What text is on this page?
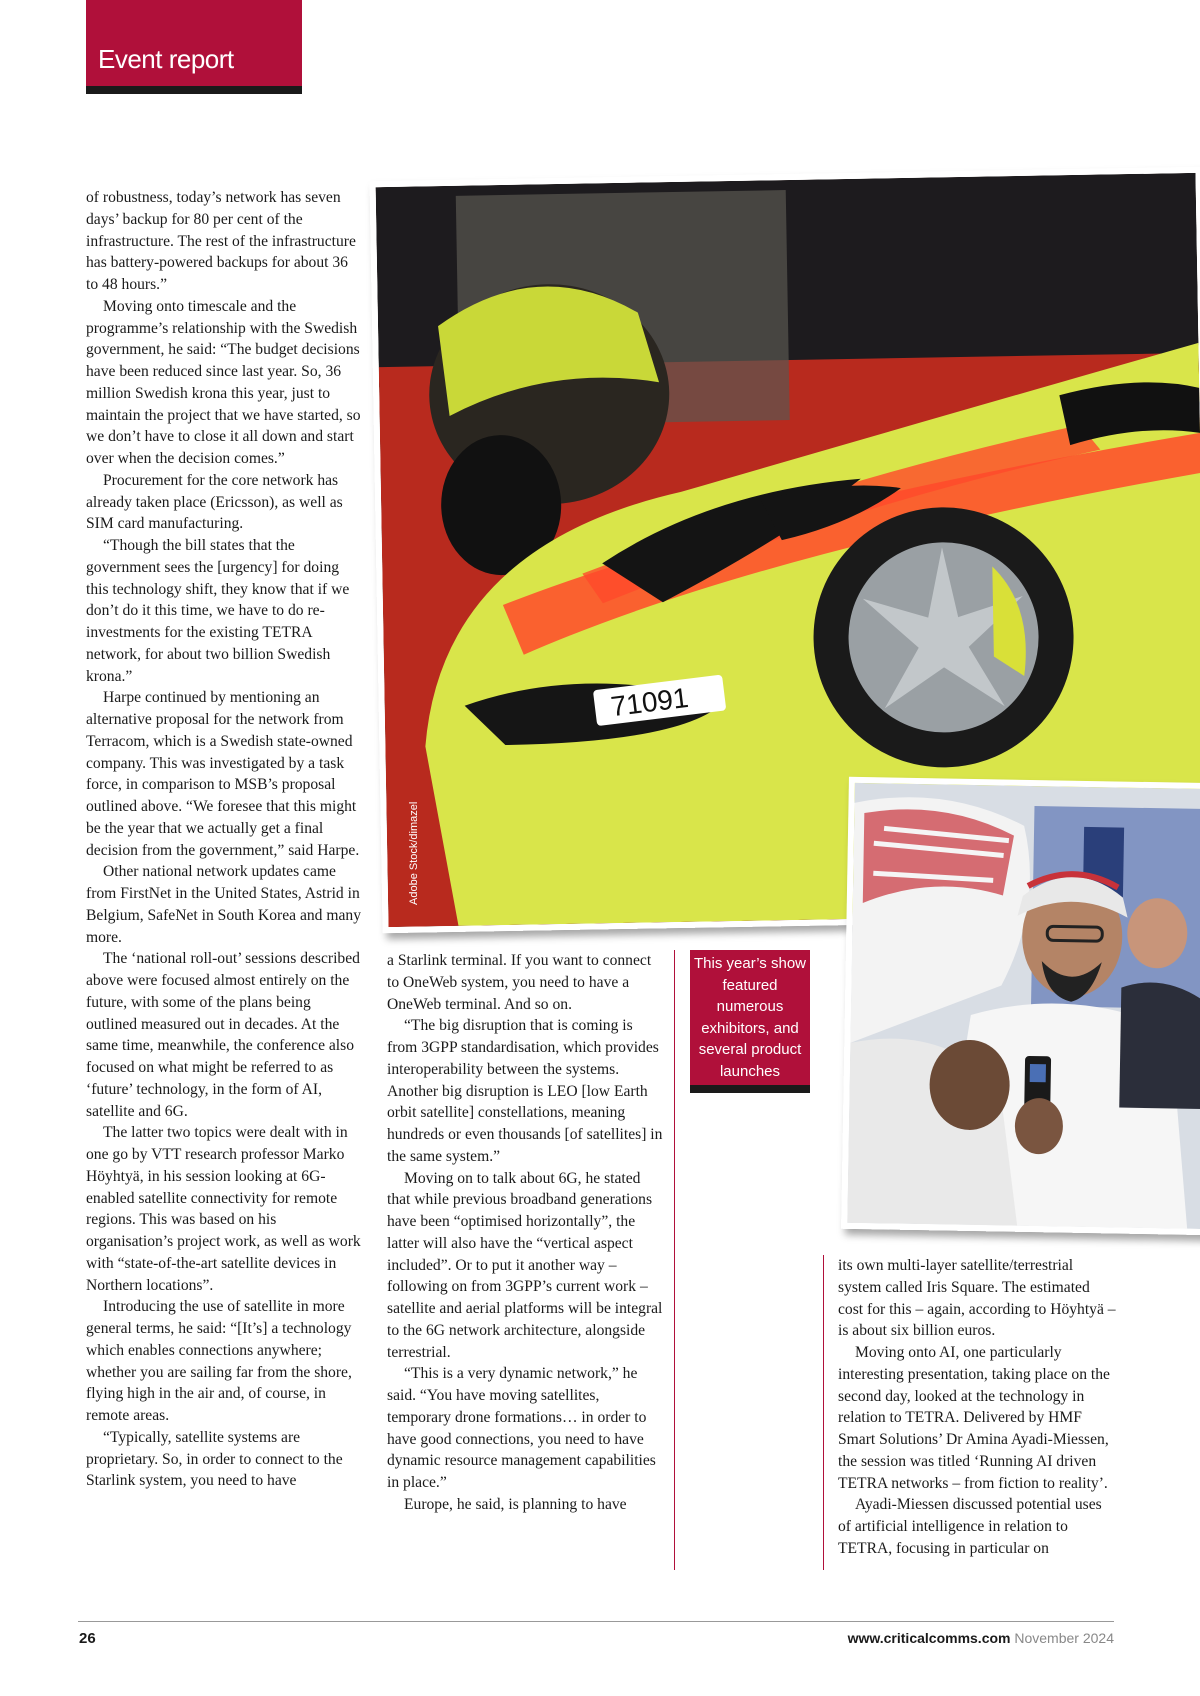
Event report
71091
Adobe Stock/dimazel

of robustness, today’s network has seven days’ backup for 80 per cent of the infrastructure. The rest of the infrastructure has battery-powered backups for about 36 to 48 hours.”

Moving onto timescale and the programme’s relationship with the Swedish government, he said: “The budget decisions have been reduced since last year. So, 36 million Swedish krona this year, just to maintain the project that we have started, so we don’t have to close it all down and start over when the decision comes.”

Procurement for the core network has already taken place (Ericsson), as well as SIM card manufacturing.

“Though the bill states that the government sees the [urgency] for doing this technology shift, they know that if we don’t do it this time, we have to do re-investments for the existing TETRA network, for about two billion Swedish krona.”

Harpe continued by mentioning an alternative proposal for the network from Terracom, which is a Swedish state-owned company. This was investigated by a task force, in comparison to MSB’s proposal outlined above. “We foresee that this might be the year that we actually get a final decision from the government,” said Harpe.

Other national network updates came from FirstNet in the United States, Astrid in Belgium, SafeNet in South Korea and many more.

The ‘national roll-out’ sessions described above were focused almost entirely on the future, with some of the plans being outlined measured out in decades. At the same time, meanwhile, the conference also focused on what might be referred to as ‘future’ technology, in the form of AI, satellite and 6G.

The latter two topics were dealt with in one go by VTT research professor Marko Höyhtyä, in his session looking at 6G-enabled satellite connectivity for remote regions. This was based on his organisation’s project work, as well as work with “state-of-the-art satellite devices in Northern locations”.

Introducing the use of satellite in more general terms, he said: “[It’s] a technology which enables connections anywhere; whether you are sailing far from the shore, flying high in the air and, of course, in remote areas.

“Typically, satellite systems are proprietary. So, in order to connect to the Starlink system, you need to have

a Starlink terminal. If you want to connect to OneWeb system, you need to have a OneWeb terminal. And so on.

“The big disruption that is coming is from 3GPP standardisation, which provides interoperability between the systems. Another big disruption is LEO [low Earth orbit satellite] constellations, meaning hundreds or even thousands [of satellites] in the same system.”

Moving on to talk about 6G, he stated that while previous broadband generations have been “optimised horizontally”, the latter will also have the “vertical aspect included”. Or to put it another way – following on from 3GPP’s current work – satellite and aerial platforms will be integral to the 6G network architecture, alongside terrestrial.

“This is a very dynamic network,” he said. “You have moving satellites, temporary drone formations… in order to have good connections, you need to have dynamic resource management capabilities in place.”

Europe, he said, is planning to have

This year’s show featured numerous exhibitors, and several product launches

its own multi-layer satellite/terrestrial system called Iris Square. The estimated cost for this – again, according to Höyhtyä – is about six billion euros.

Moving onto AI, one particularly interesting presentation, taking place on the second day, looked at the technology in relation to TETRA. Delivered by HMF Smart Solutions’ Dr Amina Ayadi-Miessen, the session was titled ‘Running AI driven TETRA networks – from fiction to reality’.

Ayadi-Miessen discussed potential uses of artificial intelligence in relation to TETRA, focusing in particular on

26	www.criticalcomms.com November 2024
